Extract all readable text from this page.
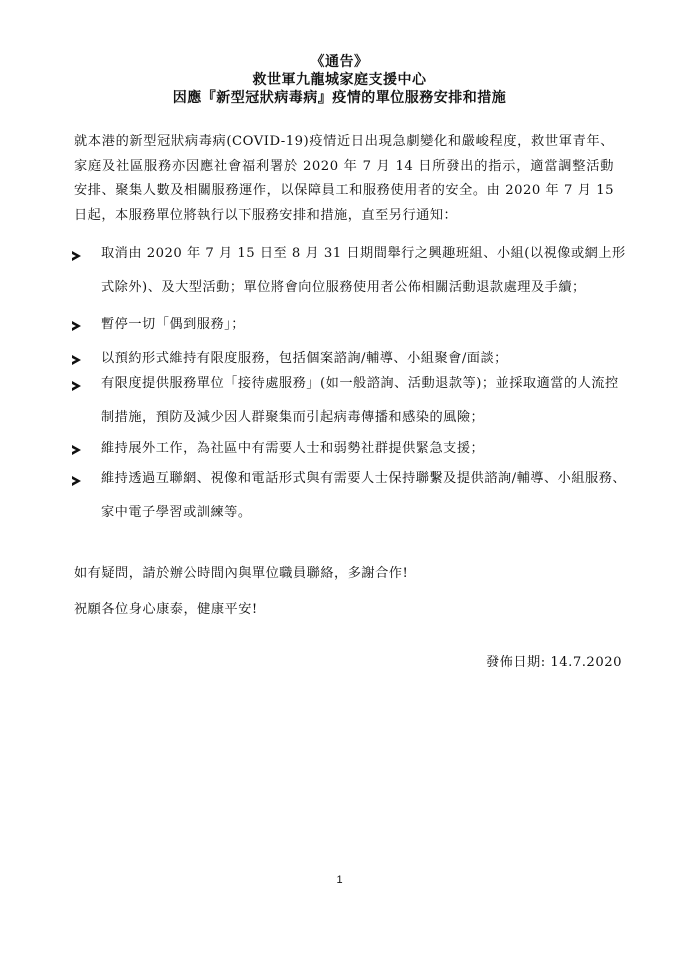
《通告》

救世軍九龍城家庭支援中心

因應『新型冠狀病毒病』疫情的單位服務安排和措施

就本港的新型冠狀病毒病(COVID-19)疫情近日出現急劇變化和嚴峻程度，救世軍青年、家庭及社區服務亦因應社會福利署於 2020 年 7 月 14 日所發出的指示，適當調整活動安排、聚集人數及相關服務運作，以保障員工和服務使用者的安全。由 2020 年 7 月 15 日起，本服務單位將執行以下服務安排和措施，直至另行通知：

取消由 2020 年 7 月 15 日至 8 月 31 日期間舉行之興趣班組、小組(以視像或網上形式除外)、及大型活動；單位將會向位服務使用者公佈相關活動退款處理及手續；
暫停一切「偶到服務」；
以預約形式維持有限度服務，包括個案諮詢/輔導、小組聚會/面談；
有限度提供服務單位「接待處服務」(如一般諮詢、活動退款等)；並採取適當的人流控制措施，預防及減少因人群聚集而引起病毒傳播和感染的風險；
維持展外工作，為社區中有需要人士和弱勢社群提供緊急支援；
維持透過互聯網、視像和電話形式與有需要人士保持聯繫及提供諮詢/輔導、小組服務、家中電子學習或訓練等。
如有疑問，請於辦公時間內與單位職員聯絡，多謝合作!
祝願各位身心康泰，健康平安!
發佈日期: 14.7.2020
1
